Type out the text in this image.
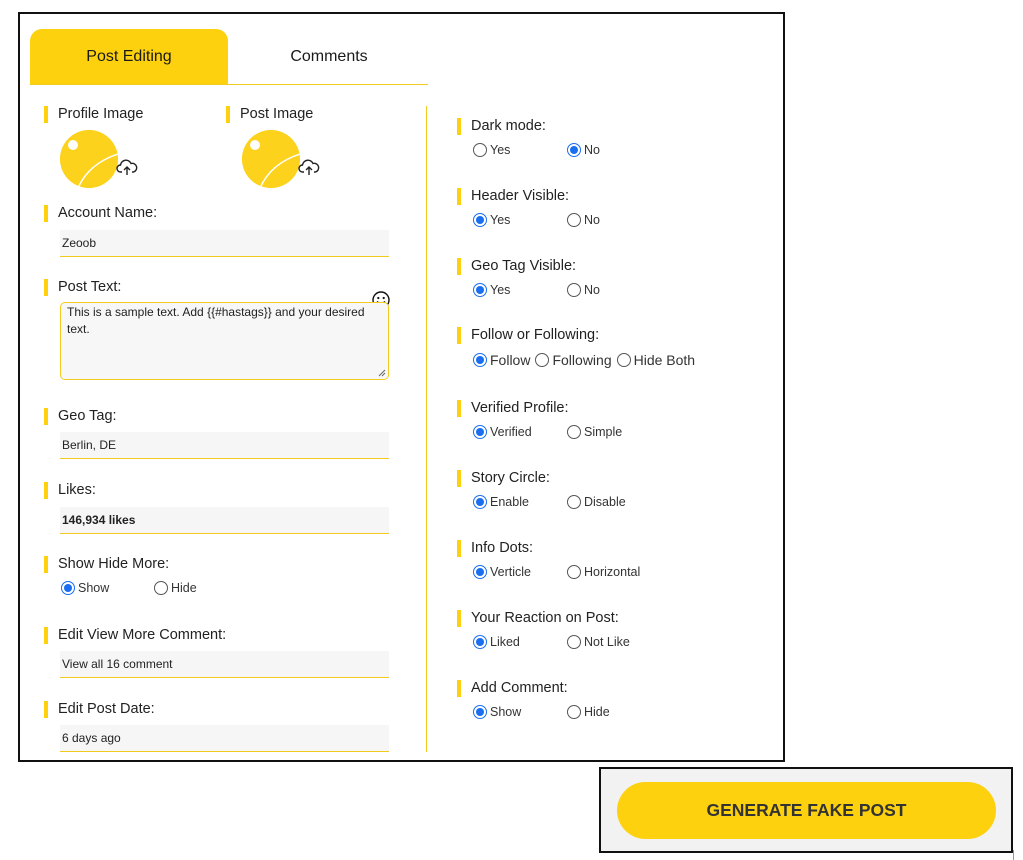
Post Editing	Comments
Profile Image	Post Image
Account Name:
Zeoob
Post Text:
This is a sample text. Add {{#hastags}} and your desired text.
Geo Tag:
Berlin, DE
Likes:
146,934 likes
Show Hide More:
Show	Hide
Edit View More Comment:
View all 16 comment
Edit Post Date:
6 days ago
Dark mode:
Yes	No
Header Visible:
Yes	No
Geo Tag Visible:
Yes	No
Follow or Following:
Follow Following Hide Both
Verified Profile:
Verified	Simple
Story Circle:
Enable	Disable
Info Dots:
Verticle	Horizontal
Your Reaction on Post:
Liked	Not Like
Add Comment:
Show	Hide
GENERATE FAKE POST
